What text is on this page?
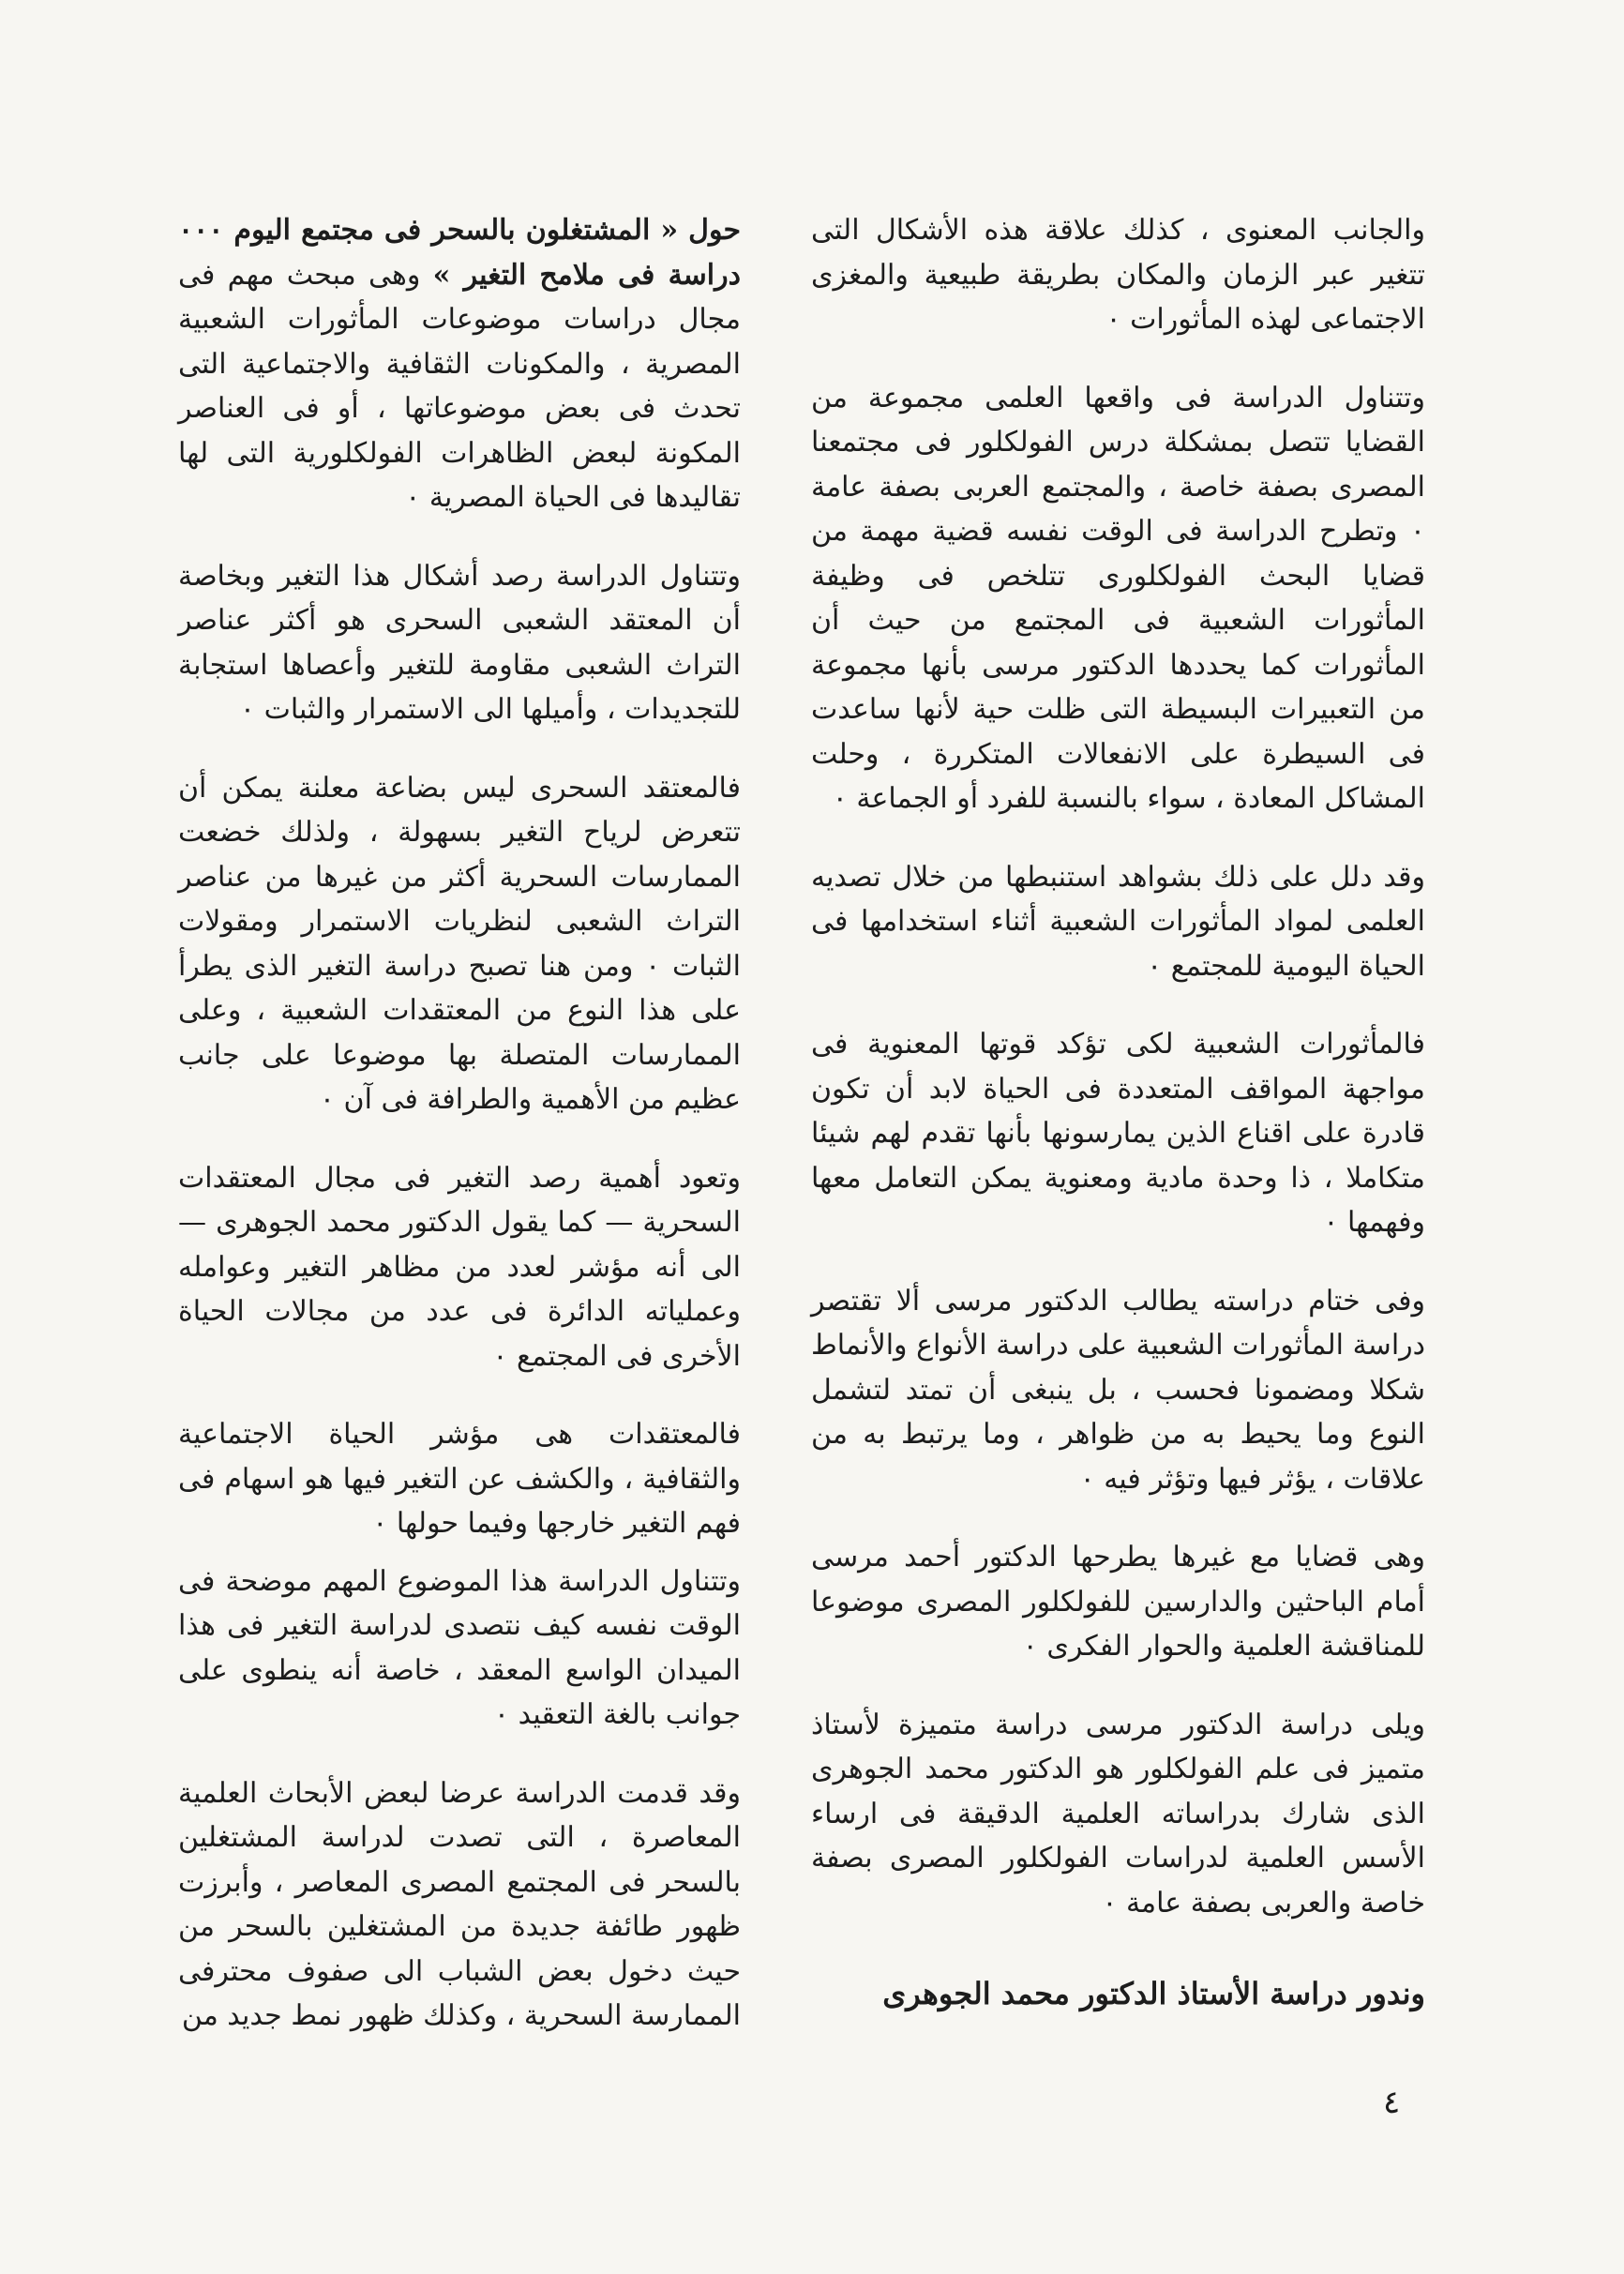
والجانب المعنوى ، كذلك علاقة هذه الأشكال التى تتغير عبر الزمان والمكان بطريقة طبيعية والمغزى الاجتماعى لهذه المأثورات ٠

وتتناول الدراسة فى واقعها العلمى مجموعة من القضايا تتصل بمشكلة درس الفولكلور فى مجتمعنا المصرى بصفة خاصة ، والمجتمع العربى بصفة عامة ٠ وتطرح الدراسة فى الوقت نفسه قضية مهمة من قضايا البحث الفولكلورى تتلخص فى وظيفة المأثورات الشعبية فى المجتمع من حيث أن المأثورات كما يحددها الدكتور مرسى بأنها مجموعة من التعبيرات البسيطة التى ظلت حية لأنها ساعدت فى السيطرة على الانفعالات المتكررة ، وحلت المشاكل المعادة ، سواء بالنسبة للفرد أو الجماعة ٠

وقد دلل على ذلك بشواهد استنبطها من خلال تصديه العلمى لمواد المأثورات الشعبية أثناء استخدامها فى الحياة اليومية للمجتمع ٠

فالمأثورات الشعبية لكى تؤكد قوتها المعنوية فى مواجهة المواقف المتعددة فى الحياة لابد أن تكون قادرة على اقناع الذين يمارسونها بأنها تقدم لهم شيئا متكاملا ، ذا وحدة مادية ومعنوية يمكن التعامل معها وفهمها ٠

وفى ختام دراسته يطالب الدكتور مرسى ألا تقتصر دراسة المأثورات الشعبية على دراسة الأنواع والأنماط شكلا ومضمونا فحسب ، بل ينبغى أن تمتد لتشمل النوع وما يحيط به من ظواهر ، وما يرتبط به من علاقات ، يؤثر فيها وتؤثر فيه ٠

وهى قضايا مع غيرها يطرحها الدكتور أحمد مرسى أمام الباحثين والدارسين للفولكلور المصرى موضوعا للمناقشة العلمية والحوار الفكرى ٠

ويلى دراسة الدكتور مرسى دراسة متميزة لأستاذ متميز فى علم الفولكلور هو الدكتور محمد الجوهرى الذى شارك بدراساته العلمية الدقيقة فى ارساء الأسس العلمية لدراسات الفولكلور المصرى بصفة خاصة والعربى بصفة عامة ٠

وندور دراسة الأستاذ الدكتور محمد الجوهرى

حول « المشتغلون بالسحر فى مجتمع اليوم ٠٠٠ دراسة فى ملامح التغير » وهى مبحث مهم فى مجال دراسات موضوعات المأثورات الشعبية المصرية ، والمكونات الثقافية والاجتماعية التى تحدث فى بعض موضوعاتها ، أو فى العناصر المكونة لبعض الظاهرات الفولكلورية التى لها تقاليدها فى الحياة المصرية ٠

وتتناول الدراسة رصد أشكال هذا التغير وبخاصة أن المعتقد الشعبى السحرى هو أكثر عناصر التراث الشعبى مقاومة للتغير وأعصاها استجابة للتجديدات ، وأميلها الى الاستمرار والثبات ٠

فالمعتقد السحرى ليس بضاعة معلنة يمكن أن تتعرض لرياح التغير بسهولة ، ولذلك خضعت الممارسات السحرية أكثر من غيرها من عناصر التراث الشعبى لنظريات الاستمرار ومقولات الثبات ٠ ومن هنا تصبح دراسة التغير الذى يطرأ على هذا النوع من المعتقدات الشعبية ، وعلى الممارسات المتصلة بها موضوعا على جانب عظيم من الأهمية والطرافة فى آن ٠

وتعود أهمية رصد التغير فى مجال المعتقدات السحرية — كما يقول الدكتور محمد الجوهرى — الى أنه مؤشر لعدد من مظاهر التغير وعوامله وعملياته الدائرة فى عدد من مجالات الحياة الأخرى فى المجتمع ٠

فالمعتقدات هى مؤشر الحياة الاجتماعية والثقافية ، والكشف عن التغير فيها هو اسهام فى فهم التغير خارجها وفيما حولها ٠

وتتناول الدراسة هذا الموضوع المهم موضحة فى الوقت نفسه كيف نتصدى لدراسة التغير فى هذا الميدان الواسع المعقد ، خاصة أنه ينطوى على جوانب بالغة التعقيد ٠

وقد قدمت الدراسة عرضا لبعض الأبحاث العلمية المعاصرة ، التى تصدت لدراسة المشتغلين بالسحر فى المجتمع المصرى المعاصر ، وأبرزت ظهور طائفة جديدة من المشتغلين بالسحر من حيث دخول بعض الشباب الى صفوف محترفى الممارسة السحرية ، وكذلك ظهور نمط جديد من

٤
